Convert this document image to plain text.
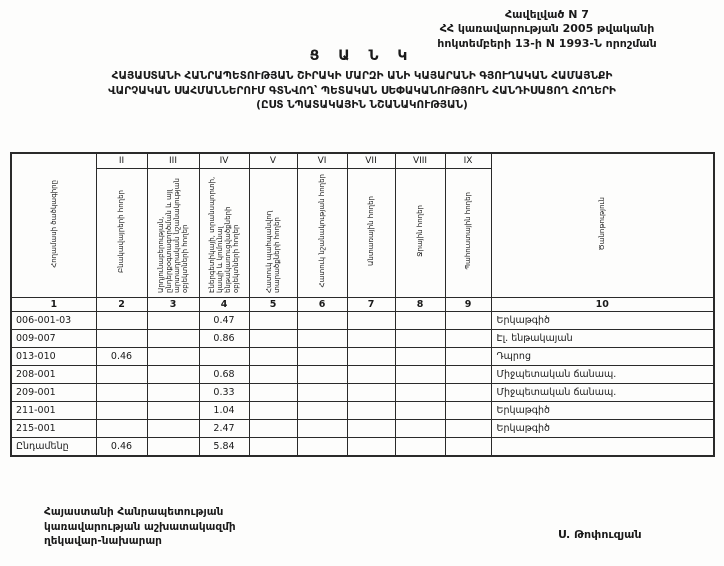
Հավելված N 7
ՀՀ կառավարության 2005 թվականի
հոկտեմբերի 13-ի N 1993-Ն որոշման
Ց Ա Ն Կ
ՀԱՅԱՍՏԱՆԻ ՀԱՆՐԱՊԵՏՈՒԹՅԱՆ ՇԻՐԱԿԻ ՄԱՐԶԻ ԱՆԻ ԿԱՅԱՐԱՆԻ ԳՅՈՒՂԱԿԱՆ ՀԱՄԱՅՆՔԻ
ՎԱՐՉԱԿԱՆ ՍԱՀՄԱՆՆԵՐՈՒՄ ԳՏՆՎՈՂ՝ ՊԵՏԱԿԱՆ ՍԵՓԱԿԱՆՈՒԹՅՈՒՆ ՀԱՆԴԻՍԱՑՈՂ ՀՈՂԵՐԻ
(ԸՍՏ ՆՊԱՏԱԿԱՅԻՆ ՆՇԱՆԱԿՈՒԹՅԱՆ)
Հողամասի ծածկագիրը	II	III	IV	V	VI	VII	VIII	IX	Ծանոթություն
	Բնակավայրերի հողեր	Արդյունաբերության, ընդերքօգտագործման և այլ արտադրական նշանակության օբյեկտների հողեր	Էներգետիկայի, տրանսպորտի, կապի և կոմունալ ենթակառուցվածքների օբյեկտների հողեր	Հատուկ պահպանվող տարածքների հողեր	Հատուկ նշանակության հողեր	Անտառային հողեր	Ջրային հողեր	Պահուստային հողեր	
1	2	3	4	5	6	7	8	9	10
006-001-03			0.47						Երկաթգիծ
009-007			0.86						Էլ. ենթակայան
013-010	0.46								Դպրոց
208-001			0.68						Միջպետական ճանապ.
209-001			0.33						Միջպետական ճանապ.
211-001			1.04						Երկաթգիծ
215-001			2.47						Երկաթգիծ
Ընդամենը	0.46		5.84						
Հայաստանի Հանրապետության
կառավարության աշխատակազմի
ղեկավար-նախարար
Ս. Թոփուզյան
